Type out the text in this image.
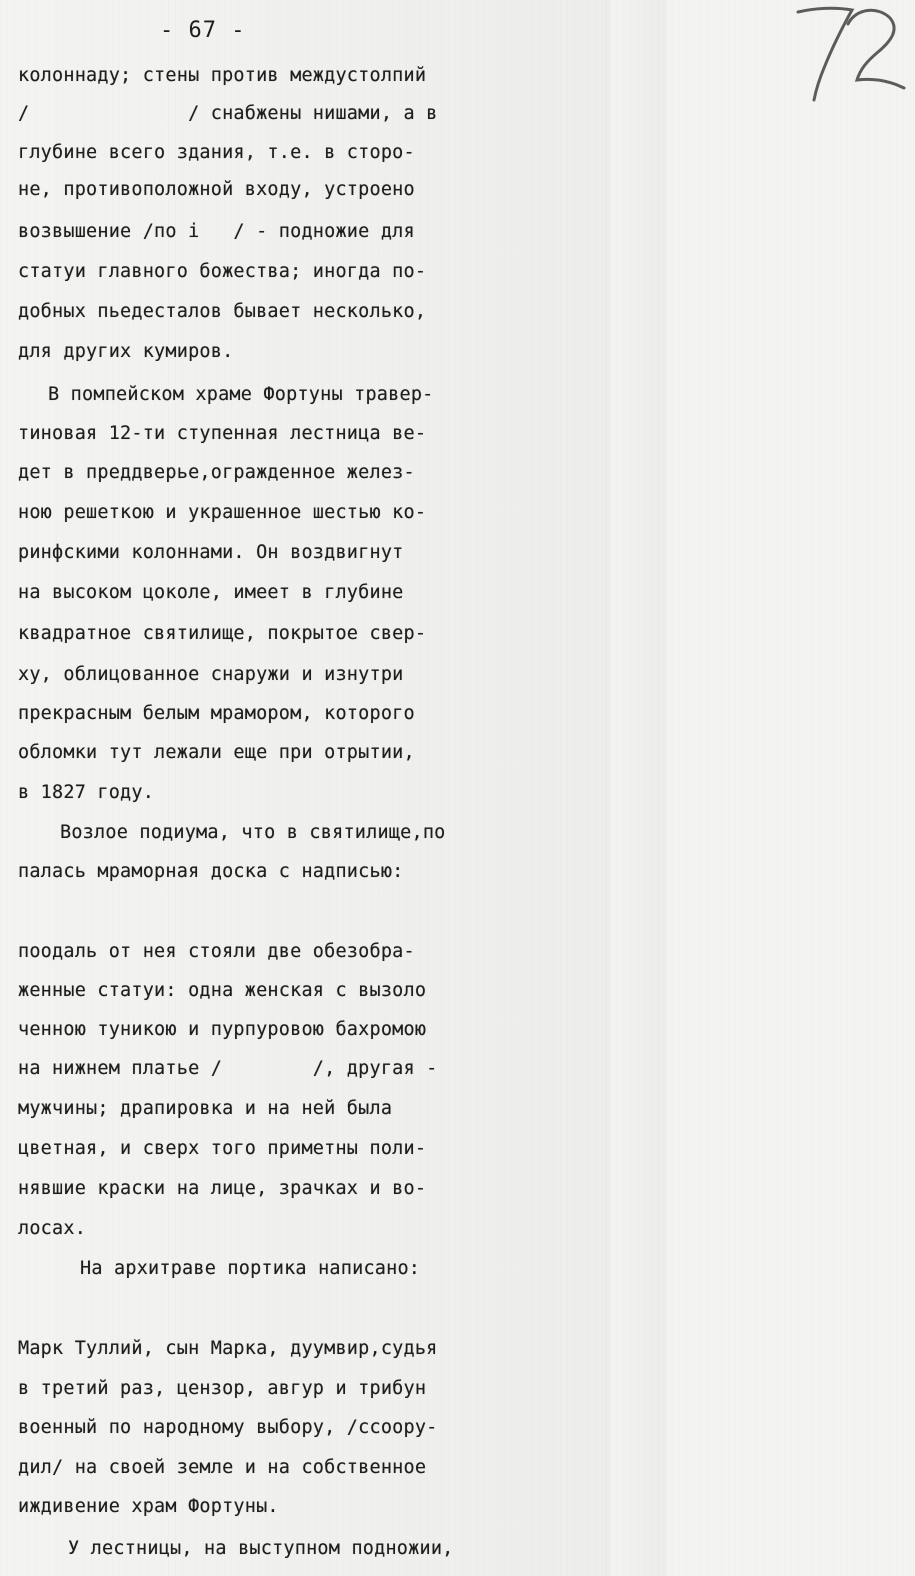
- 67 -
колоннаду; стены против междустолпий
/              / снабжены нишами, а в
глубине всего здания, т.е. в сторо-
не, противоположной входу, устроено
возвышение /по i   / - подножие для
статуи главного божества; иногда по-
добных пьедесталов бывает несколько,
для других кумиров.
В помпейском храме Фортуны травер-
тиновая 12-ти ступенная лестница ве-
дет в преддверье,огражденное желез-
ною решеткою и украшенное шестью ко-
ринфскими колоннами. Он воздвигнут
на высоком цоколе, имеет в глубине
квадратное святилище, покрытое свер-
ху, облицованное снаружи и изнутри
прекрасным белым мрамором, которого
обломки тут лежали еще при отрытии,
в 1827 году.
Возлое подиума, что в святилище,по
палась мраморная доска с надписью:
поодаль от нея стояли две обезобра-
женные статуи: одна женская с вызоло
ченною туникою и пурпуровою бахромою
на нижнем платье /        /, другая -
мужчины; драпировка и на ней была
цветная, и сверх того приметны поли-
нявшие краски на лице, зрачках и во-
лосах.
На архитраве портика написано:
Марк Туллий, сын Марка, дуумвир,судья
в третий раз, цензор, авгур и трибун
военный по народному выбору, /ссоору-
дил/ на своей земле и на собственное
иждивение храм Фортуны.
У лестницы, на выступном подножии,
